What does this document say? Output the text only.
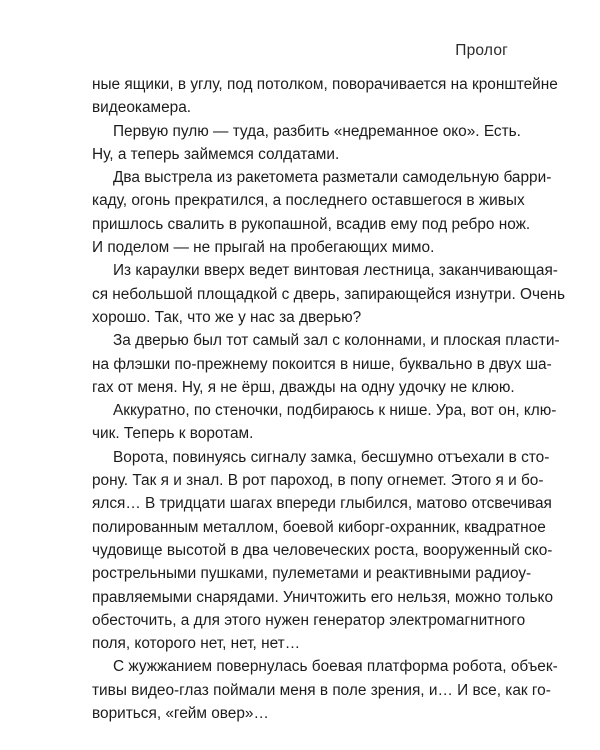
Пролог
ные ящики, в углу, под потолком, поворачивается на кронштейне
видеокамера.
Первую пулю — туда, разбить «недреманное око». Есть.
Ну, а теперь займемся солдатами.
Два выстрела из ракетомета разметали самодельную барри-
каду, огонь прекратился, а последнего оставшегося в живых
пришлось свалить в рукопашной, всадив ему под ребро нож.
И поделом — не прыгай на пробегающих мимо.
Из караулки вверх ведет винтовая лестница, заканчивающая-
ся небольшой площадкой с дверь, запирающейся изнутри. Очень
хорошо. Так, что же у нас за дверью?
За дверью был тот самый зал с колоннами, и плоская пласти-
на флэшки по-прежнему покоится в нише, буквально в двух ша-
гах от меня. Ну, я не ёрш, дважды на одну удочку не клюю.
Аккуратно, по стеночки, подбираюсь к нише. Ура, вот он, клю-
чик. Теперь к воротам.
Ворота, повинуясь сигналу замка, бесшумно отъехали в сто-
рону. Так я и знал. В рот пароход, в попу огнемет. Этого я и бо-
ялся… В тридцати шагах впереди глыбился, матово отсвечивая
полированным металлом, боевой киборг-охранник, квадратное
чудовище высотой в два человеческих роста, вооруженный ско-
рострельными пушками, пулеметами и реактивными радиоу-
правляемыми снарядами. Уничтожить его нельзя, можно только
обесточить, а для этого нужен генератор электромагнитного
поля, которого нет, нет, нет…
С жужжанием повернулась боевая платформа робота, объек-
тивы видео-глаз поймали меня в поле зрения, и… И все, как го-
вориться, «гейм овер»…
